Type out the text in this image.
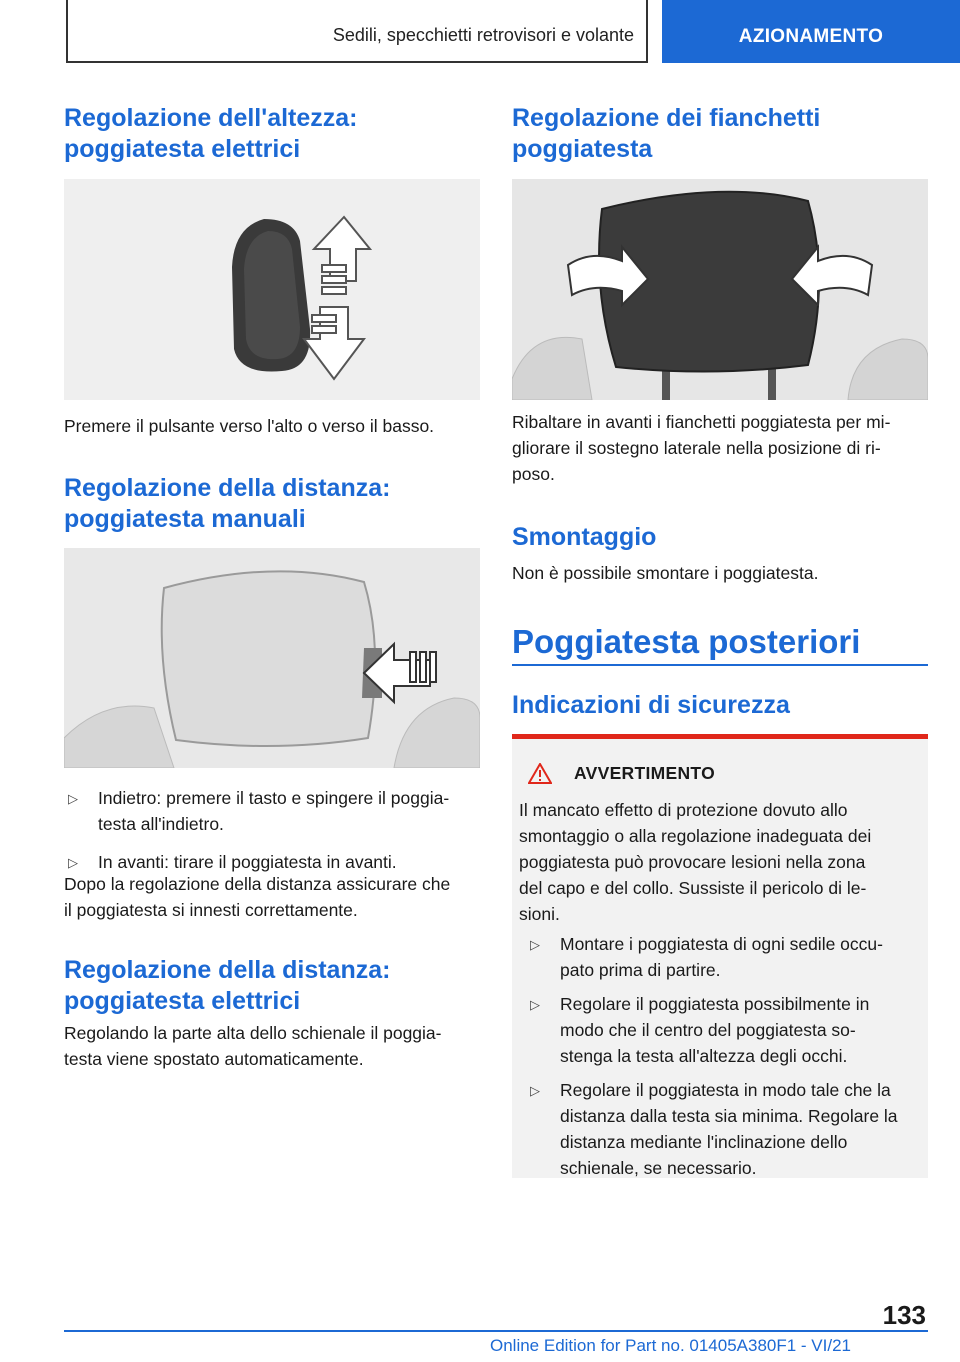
Sedili, specchietti retrovisori e volante	AZIONAMENTO
Regolazione dell'altezza:
poggiatesta elettrici

Premere il pulsante verso l'alto o verso il basso.

Regolazione della distanza:
poggiatesta manuali
▷	Indietro: premere il tasto e spingere il poggia-
testa all'indietro.
▷	In avanti: tirare il poggiatesta in avanti.

Dopo la regolazione della distanza assicurare che
il poggiatesta si innesti correttamente.

Regolazione della distanza:
poggiatesta elettrici

Regolando la parte alta dello schienale il poggia-
testa viene spostato automaticamente.

Regolazione dei fianchetti
poggiatesta

Ribaltare in avanti i fianchetti poggiatesta per mi-
gliorare il sostegno laterale nella posizione di ri-
poso.

Smontaggio

Non è possibile smontare i poggiatesta.

Poggiatesta posteriori
Indicazioni di sicurezza
AVVERTIMENTO

Il mancato effetto di protezione dovuto allo
smontaggio o alla regolazione inadeguata dei
poggiatesta può provocare lesioni nella zona
del capo e del collo. Sussiste il pericolo di le-
sioni.

▷	Montare i poggiatesta di ogni sedile occu-
pato prima di partire.
▷	Regolare il poggiatesta possibilmente in
modo che il centro del poggiatesta so-
stenga la testa all'altezza degli occhi.
▷	Regolare il poggiatesta in modo tale che la
distanza dalla testa sia minima. Regolare la
distanza mediante l'inclinazione dello
schienale, se necessario.
133
Online Edition for Part no. 01405A380F1 - VI/21
